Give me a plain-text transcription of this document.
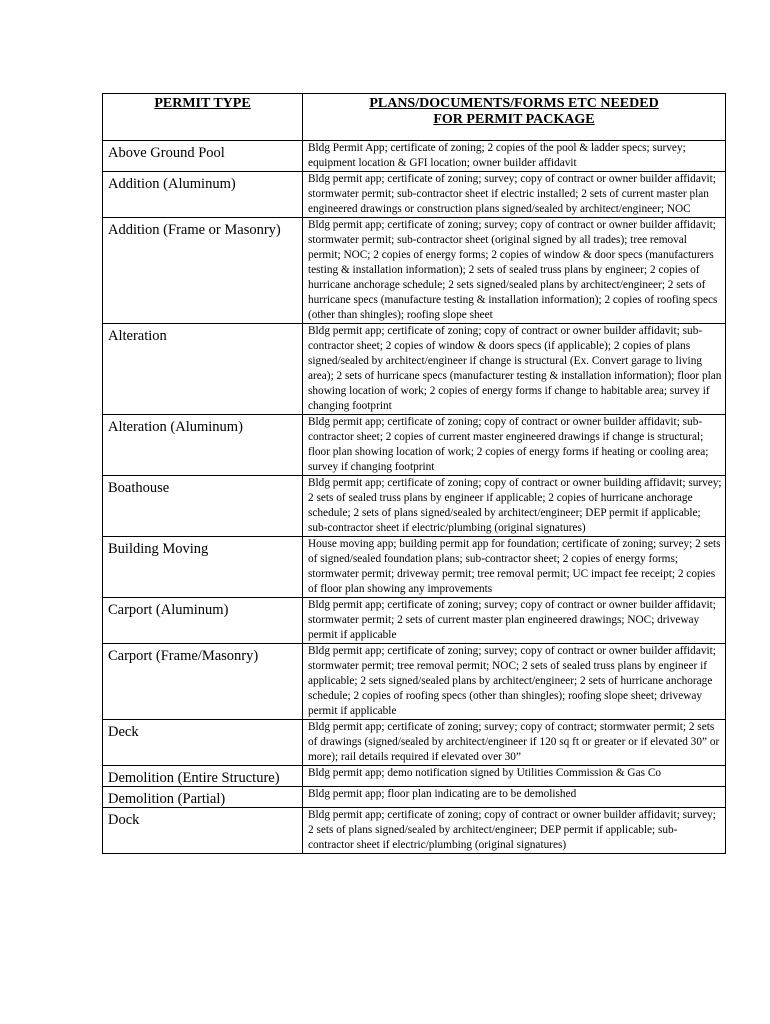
PERMIT TYPE	PLANS/DOCUMENTS/FORMS ETC NEEDED
FOR PERMIT PACKAGE

Above Ground Pool	Bldg Permit App; certificate of zoning; 2 copies of the pool & ladder specs; survey; equipment location & GFI location; owner builder affidavit
Addition (Aluminum)	Bldg permit app; certificate of zoning; survey; copy of contract or owner builder affidavit; stormwater permit; sub-contractor sheet if electric installed; 2 sets of current master plan engineered drawings or construction plans signed/sealed by architect/engineer; NOC
Addition (Frame or Masonry)	Bldg permit app; certificate of zoning; survey; copy of contract or owner builder affidavit; stormwater permit; sub-contractor sheet (original signed by all trades); tree removal permit; NOC; 2 copies of energy forms; 2 copies of window & door specs (manufacturers testing & installation information); 2 sets of sealed truss plans by engineer; 2 copies of hurricane anchorage schedule; 2 sets signed/sealed plans by architect/engineer; 2 sets of hurricane specs (manufacture testing & installation information); 2 copies of roofing specs (other than shingles); roofing slope sheet
Alteration	Bldg permit app; certificate of zoning; copy of contract or owner builder affidavit; sub-contractor sheet; 2 copies of window & doors specs (if applicable); 2 copies of plans signed/sealed by architect/engineer if change is structural (Ex. Convert garage to living area); 2 sets of hurricane specs (manufacturer testing & installation information); floor plan showing location of work; 2 copies of energy forms if change to habitable area; survey if changing footprint
Alteration (Aluminum)	Bldg permit app; certificate of zoning; copy of contract or owner builder affidavit; sub-contractor sheet; 2 copies of current master engineered drawings if change is structural; floor plan showing location of work; 2 copies of energy forms if heating or cooling area; survey if changing footprint
Boathouse	Bldg permit app; certificate of zoning; copy of contract or owner building affidavit; survey; 2 sets of sealed truss plans by engineer if applicable; 2 copies of hurricane anchorage schedule; 2 sets of plans signed/sealed by architect/engineer; DEP permit if applicable; sub-contractor sheet if electric/plumbing (original signatures)
Building Moving	House moving app; building permit app for foundation; certificate of zoning; survey; 2 sets of signed/sealed foundation plans; sub-contractor sheet; 2 copies of energy forms; stormwater permit; driveway permit; tree removal permit; UC impact fee receipt; 2 copies of floor plan showing any improvements
Carport (Aluminum)	Bldg permit app; certificate of zoning; survey; copy of contract or owner builder affidavit; stormwater permit; 2 sets of current master plan engineered drawings; NOC; driveway permit if applicable
Carport (Frame/Masonry)	Bldg permit app; certificate of zoning; survey; copy of contract or owner builder affidavit; stormwater permit; tree removal permit; NOC; 2 sets of sealed truss plans by engineer if applicable; 2 sets signed/sealed plans by architect/engineer; 2 sets of hurricane anchorage schedule; 2 copies of roofing specs (other than shingles); roofing slope sheet; driveway permit if applicable
Deck	Bldg permit app; certificate of zoning; survey; copy of contract; stormwater permit; 2 sets of drawings (signed/sealed by architect/engineer if 120 sq ft or greater or if elevated 30” or more); rail details required if elevated over 30”
Demolition (Entire Structure)	Bldg permit app; demo notification signed by Utilities Commission & Gas Co
Demolition (Partial)	Bldg permit app; floor plan indicating are to be demolished
Dock	Bldg permit app; certificate of zoning; copy of contract or owner builder affidavit; survey; 2 sets of plans signed/sealed by architect/engineer; DEP permit if applicable; sub-contractor sheet if electric/plumbing (original signatures)
